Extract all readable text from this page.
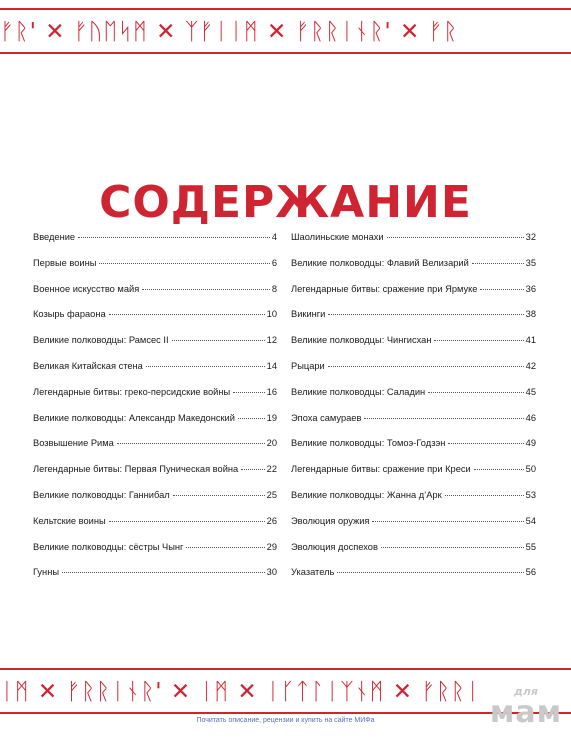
ᚠᚱ' ✕ ᚠᚢᛖᛋᛗ ✕ ᛉᚠᛁᛁᛗ ✕ ᚠᚱᚱᛁᚾᚱ' ✕ ᚠᚱ
СОДЕРЖАНИЕ
Введение	4
Первые воины	6
Военное искусство майя	8
Козырь фараона	10
Великие полководцы: Рамсес II	12
Великая Китайская стена	14
Легендарные битвы: греко-персидские войны	16
Великие полководцы: Александр Македонский	19
Возвышение Рима	20
Легендарные битвы: Первая Пуническая война	22
Великие полководцы: Ганнибал	25
Кельтские воины	26
Великие полководцы: сёстры Чынг	29
Гунны	30
Шаолиньские монахи	32
Великие полководцы: Флавий Велизарий	35
Легендарные битвы: сражение при Ярмуке	36
Викинги	38
Великие полководцы: Чингисхан	41
Рыцари	42
Великие полководцы: Саладин	45
Эпоха самураев	46
Великие полководцы: Томоэ-Годзэн	49
Легендарные битвы: сражение при Креси	50
Великие полководцы: Жанна д’Арк	53
Эволюция оружия	54
Эволюция доспехов	55
Указатель	56
ᛁᛗ ✕ ᚠᚱᚱᛁᚾᚱ' ✕ ᛁᛗ ✕ ᛁᚴᛏᛚᛁᛉᚾᛗ ✕ ᚠᚱᚱᛁ	для
мам
Почитать описание, рецензии и купить на сайте МИФа
